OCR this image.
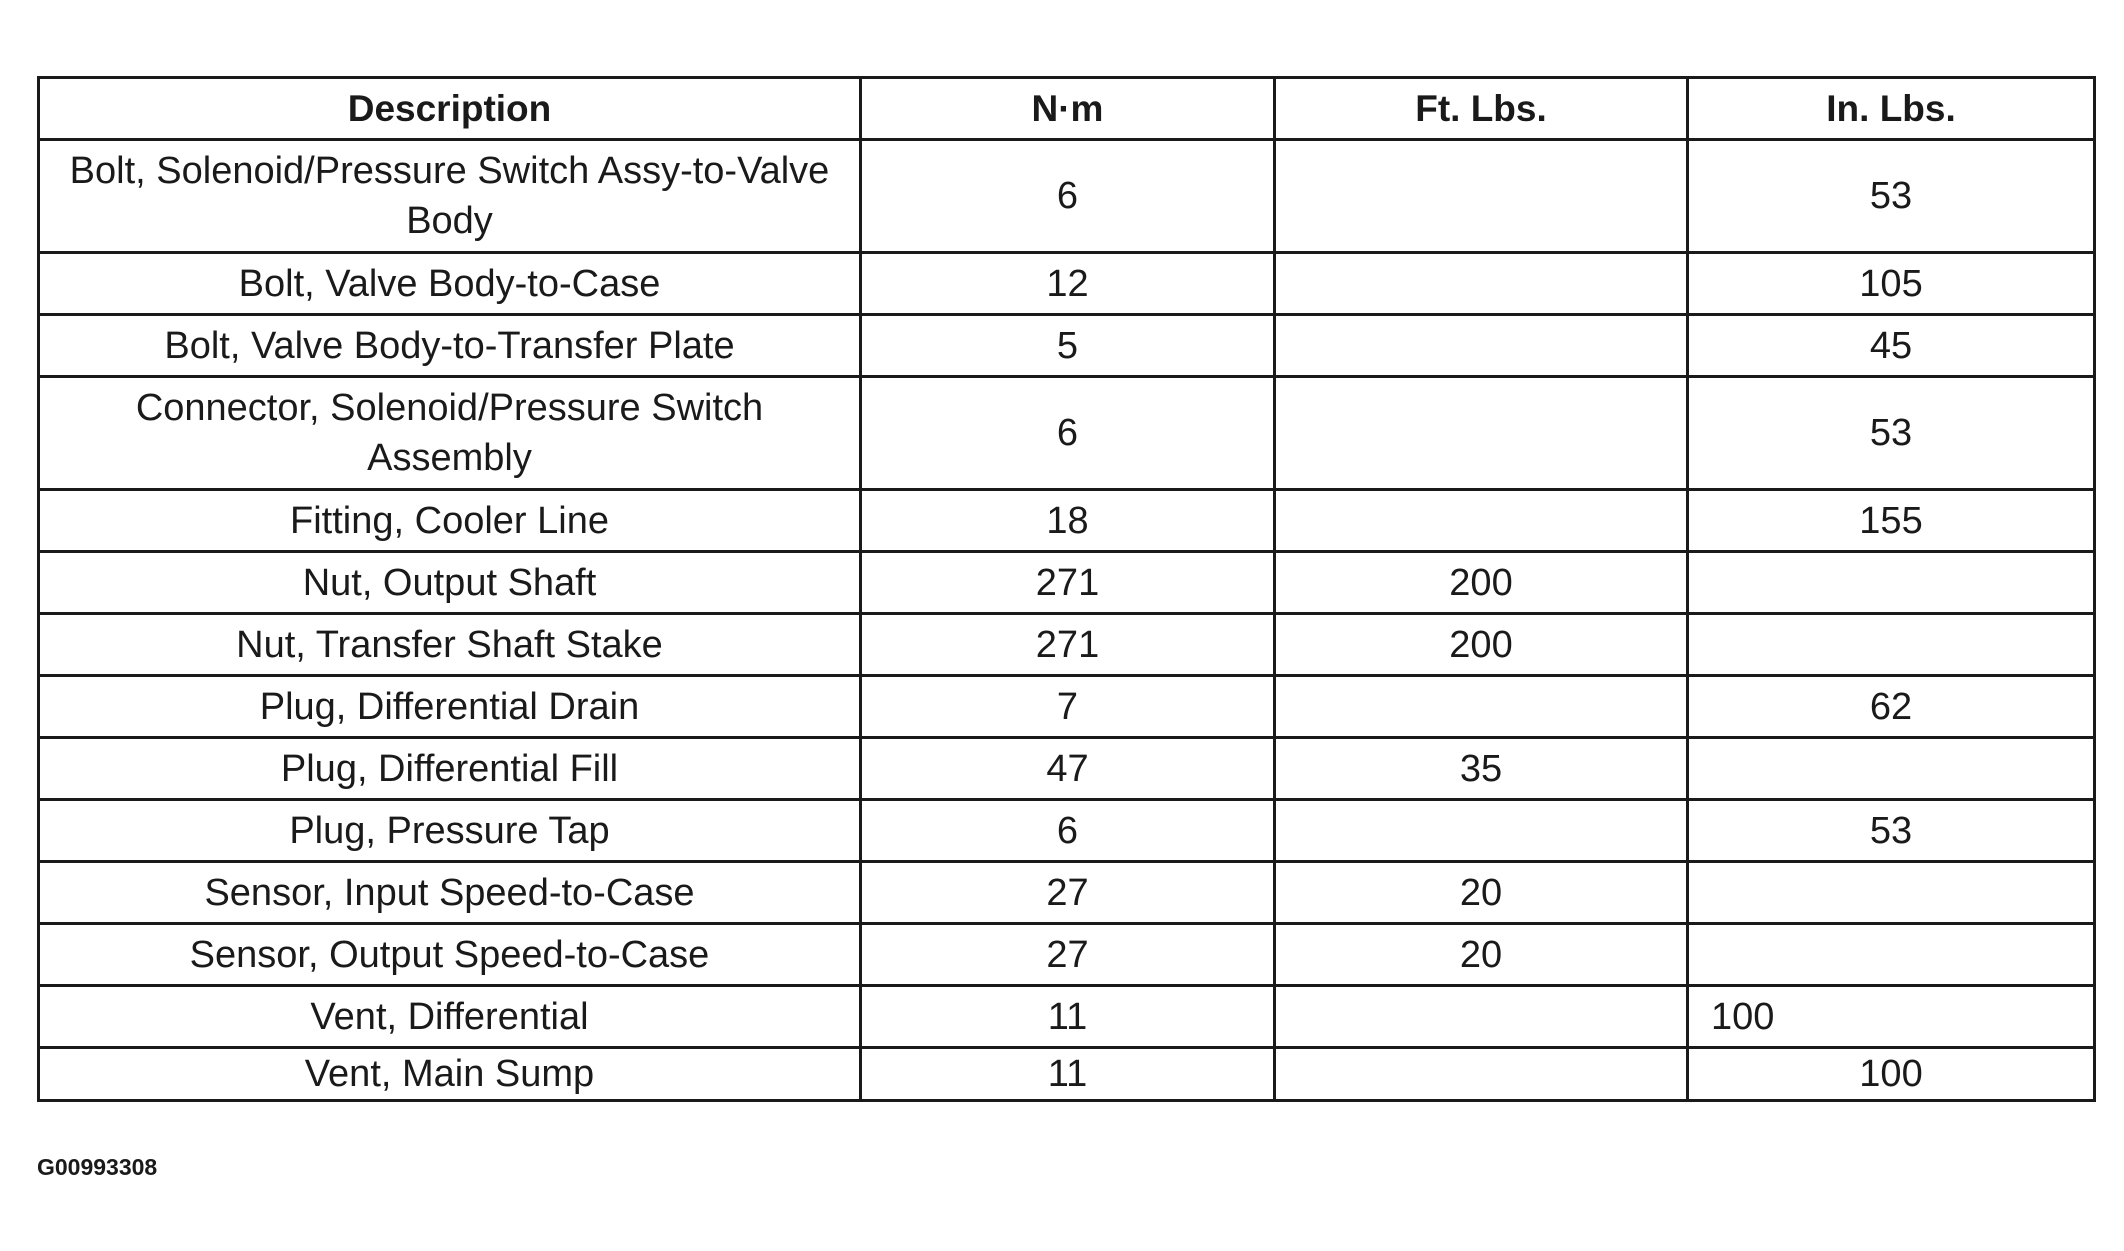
Description	N·m	Ft. Lbs.	In. Lbs.
Bolt, Solenoid/Pressure Switch Assy-to-Valve Body	6		53
Bolt, Valve Body-to-Case	12		105
Bolt, Valve Body-to-Transfer Plate	5		45
Connector, Solenoid/Pressure Switch Assembly	6		53
Fitting, Cooler Line	18		155
Nut, Output Shaft	271	200	
Nut, Transfer Shaft Stake	271	200	
Plug, Differential Drain	7		62
Plug, Differential Fill	47	35	
Plug, Pressure Tap	6		53
Sensor, Input Speed-to-Case	27	20	
Sensor, Output Speed-to-Case	27	20	
Vent, Differential	11		100
Vent, Main Sump	11		100
G00993308
